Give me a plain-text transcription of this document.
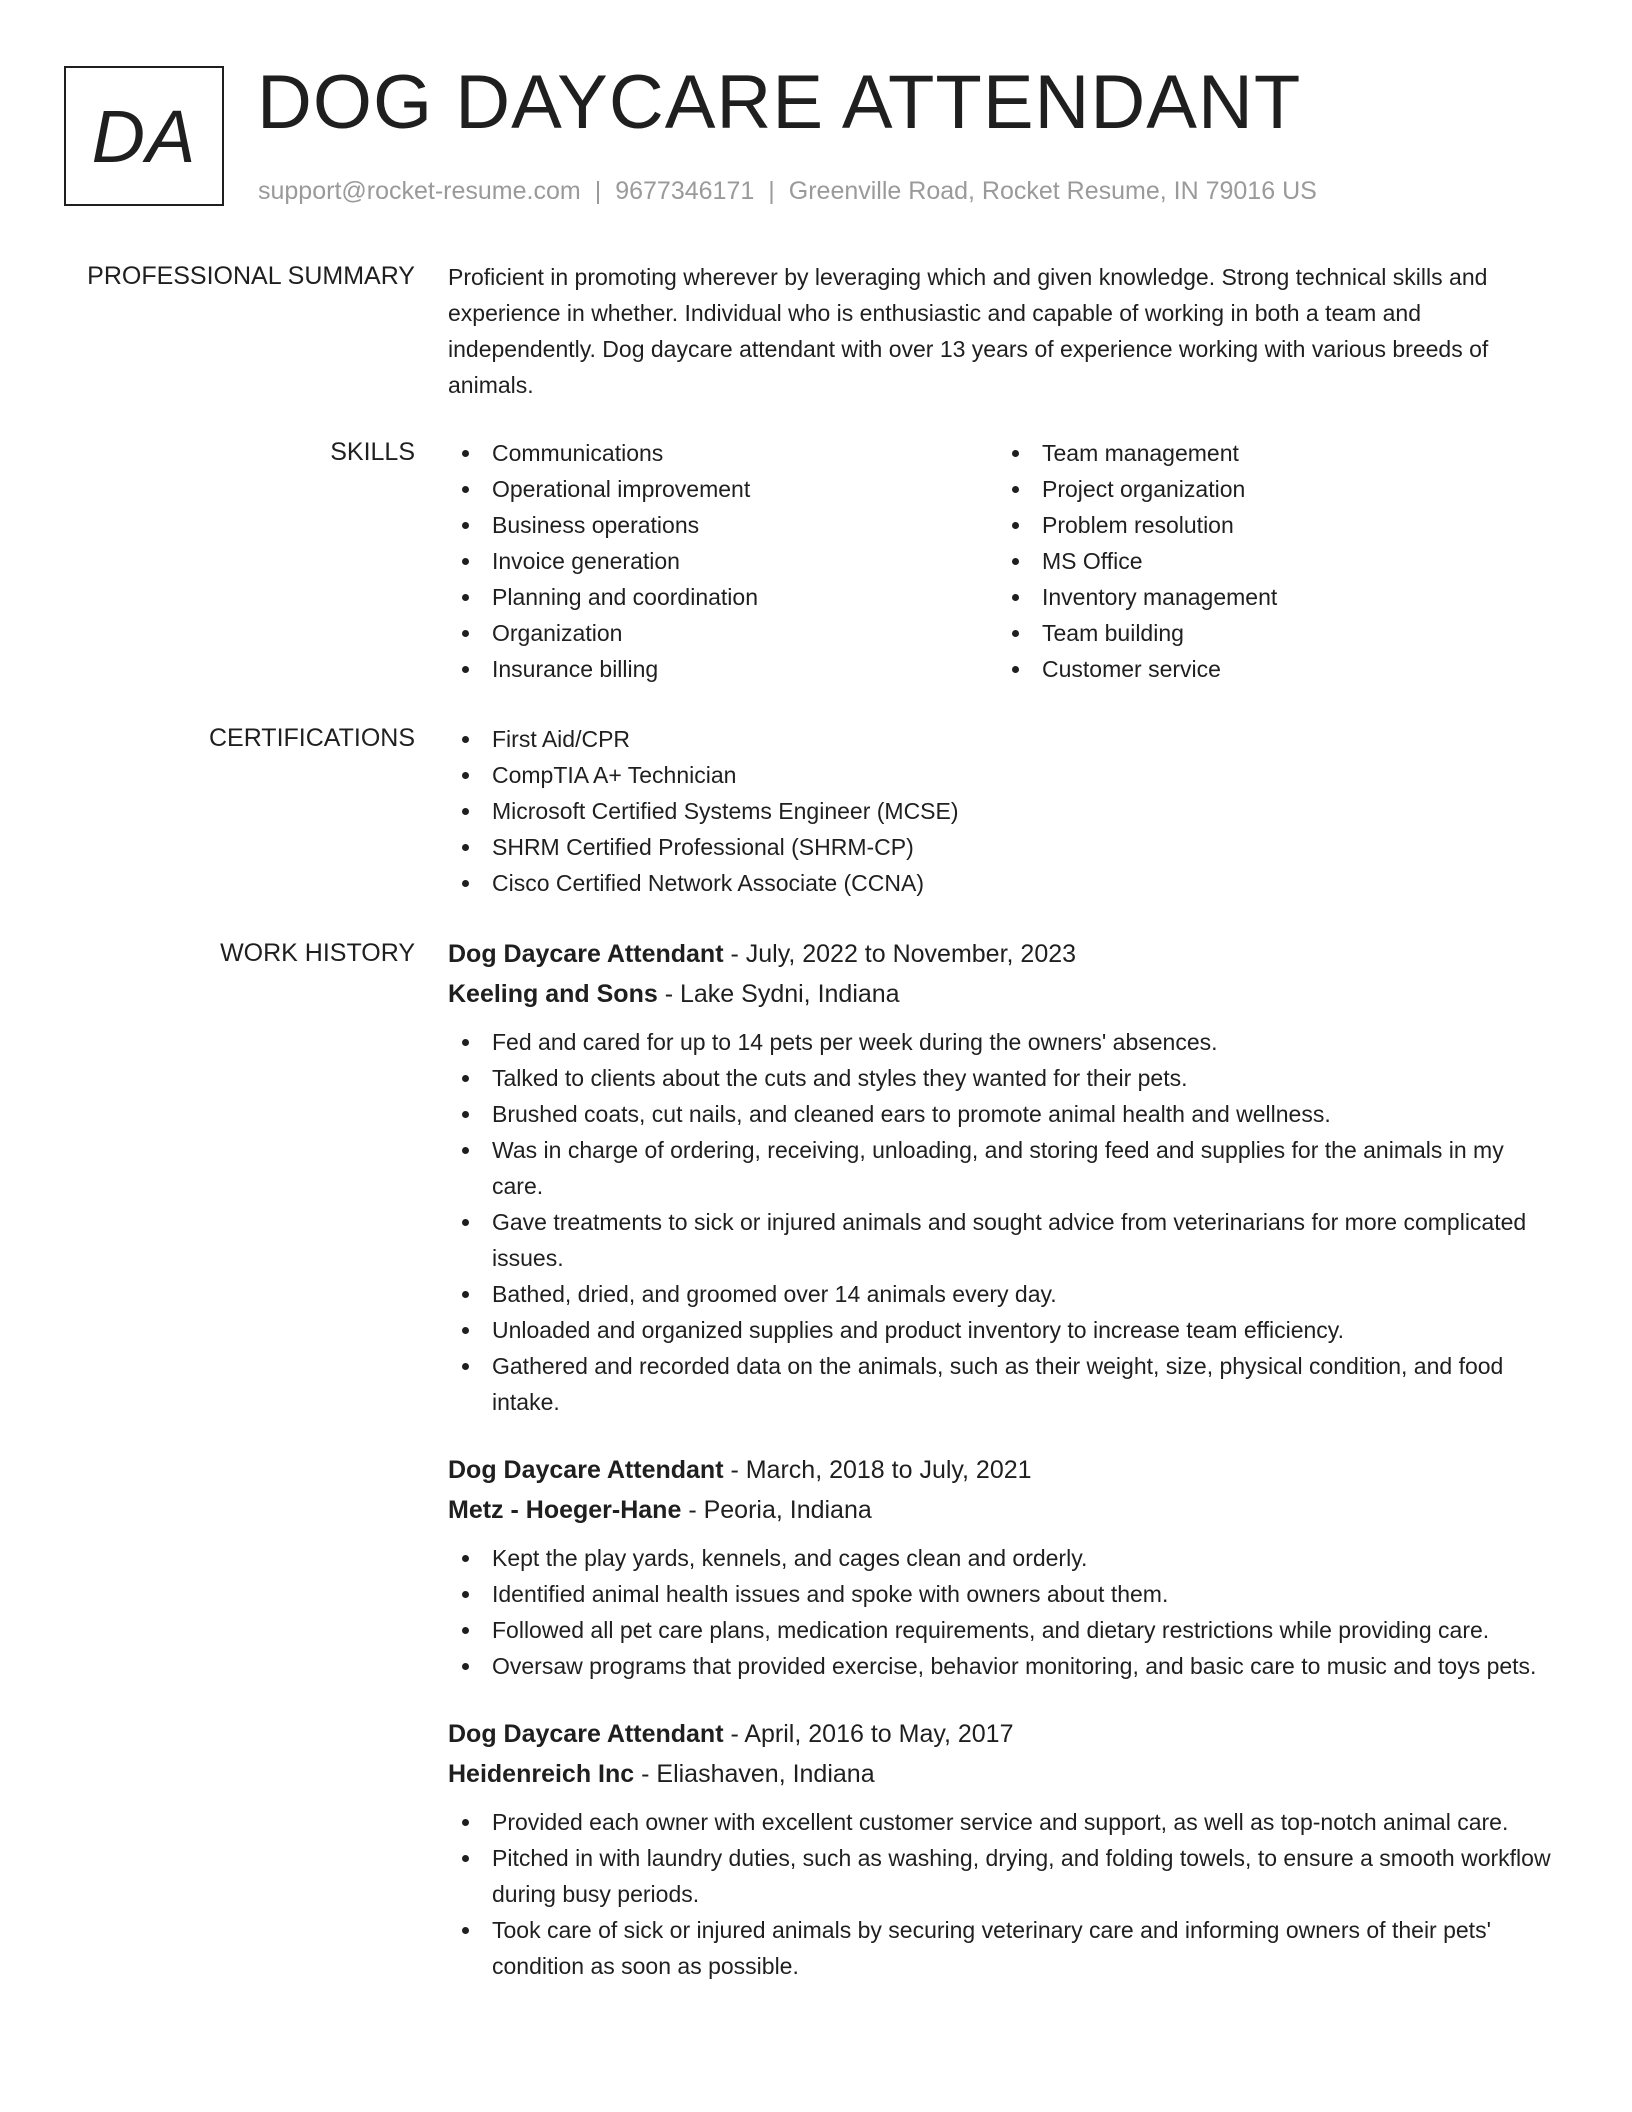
DA DOG DAYCARE ATTENDANT
support@rocket-resume.com | 9677346171 | Greenville Road, Rocket Resume, IN 79016 US
PROFESSIONAL SUMMARY Proficient in promoting wherever by leveraging which and given knowledge. Strong technical skills and experience in whether. Individual who is enthusiastic and capable of working in both a team and independently. Dog daycare attendant with over 13 years of experience working with various breeds of animals.

SKILLS	Communications
Operational improvement
Business operations
Invoice generation
Planning and coordination
Organization
Insurance billing
Team management
Project organization
Problem resolution
MS Office
Inventory management
Team building
Customer service
CERTIFICATIONS	First Aid/CPR
CompTIA A+ Technician
Microsoft Certified Systems Engineer (MCSE)
SHRM Certified Professional (SHRM-CP)
Cisco Certified Network Associate (CCNA)
WORK HISTORY Dog Daycare Attendant - July, 2022 to November, 2023
Keeling and Sons - Lake Sydni, Indiana
Fed and cared for up to 14 pets per week during the owners' absences.
Talked to clients about the cuts and styles they wanted for their pets.
Brushed coats, cut nails, and cleaned ears to promote animal health and wellness.
Was in charge of ordering, receiving, unloading, and storing feed and supplies for the animals in my care.
Gave treatments to sick or injured animals and sought advice from veterinarians for more complicated issues.
Bathed, dried, and groomed over 14 animals every day.
Unloaded and organized supplies and product inventory to increase team efficiency.
Gathered and recorded data on the animals, such as their weight, size, physical condition, and food intake.
Dog Daycare Attendant - March, 2018 to July, 2021
Metz - Hoeger-Hane - Peoria, Indiana
Kept the play yards, kennels, and cages clean and orderly.
Identified animal health issues and spoke with owners about them.
Followed all pet care plans, medication requirements, and dietary restrictions while providing care.
Oversaw programs that provided exercise, behavior monitoring, and basic care to music and toys pets.
Dog Daycare Attendant - April, 2016 to May, 2017
Heidenreich Inc - Eliashaven, Indiana
Provided each owner with excellent customer service and support, as well as top-notch animal care.
Pitched in with laundry duties, such as washing, drying, and folding towels, to ensure a smooth workflow during busy periods.
Took care of sick or injured animals by securing veterinary care and informing owners of their pets' condition as soon as possible.
